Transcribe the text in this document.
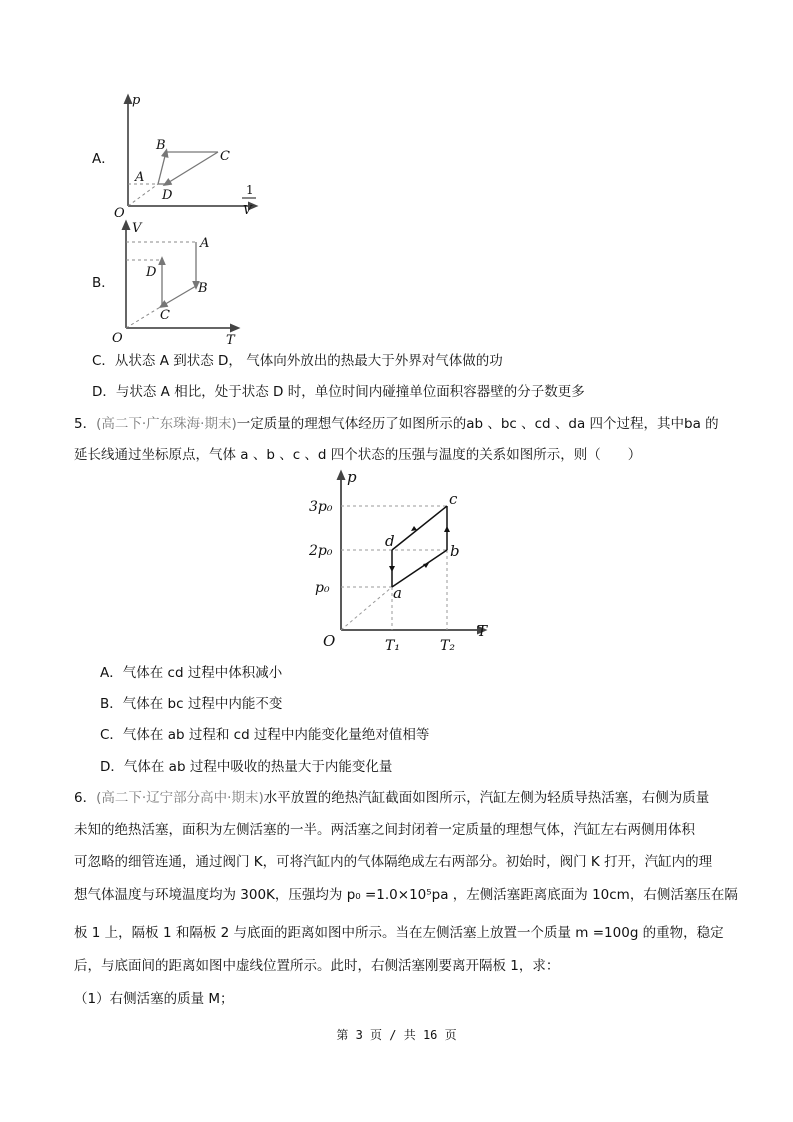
A．
p
O
1
V
A
B
C
D
B．
V
O	T
A
B
C
D
C．从状态 A 到状态 D， 气体向外放出的热最大于外界对气体做的功
D．与状态 A 相比，处于状态 D 时，单位时间内碰撞单位面积容器壁的分子数更多
5．(高二下·广东珠海·期末)一定质量的理想气体经历了如图所示的ab 、bc 、cd 、da 四个过程，其中ba 的
延长线通过坐标原点，气体 a 、b 、c 、d 四个状态的压强与温度的关系如图所示，则（　　）
p
T
O
3p₀
2p₀
p₀
T₁	T₂
a
b
c
d
A．气体在 cd 过程中体积减小
B．气体在 bc 过程中内能不变
C．气体在 ab 过程和 cd 过程中内能变化量绝对值相等
D．气体在 ab 过程中吸收的热量大于内能变化量
6．(高二下·辽宁部分高中·期末)水平放置的绝热汽缸截面如图所示，汽缸左侧为轻质导热活塞，右侧为质量
未知的绝热活塞，面积为左侧活塞的一半。两活塞之间封闭着一定质量的理想气体，汽缸左右两侧用体积
可忽略的细管连通，通过阀门 K，可将汽缸内的气体隔绝成左右两部分。初始时，阀门 K 打开，汽缸内的理
想气体温度与环境温度均为 300K，压强均为 p₀ =1.0×10⁵pa ，左侧活塞距离底面为 10cm，右侧活塞压在隔
板 1 上，隔板 1 和隔板 2 与底面的距离如图中所示。当在左侧活塞上放置一个质量 m =100g 的重物，稳定
后，与底面间的距离如图中虚线位置所示。此时，右侧活塞刚要离开隔板 1，求：
（1）右侧活塞的质量 M；
第 3 页 / 共 16 页
